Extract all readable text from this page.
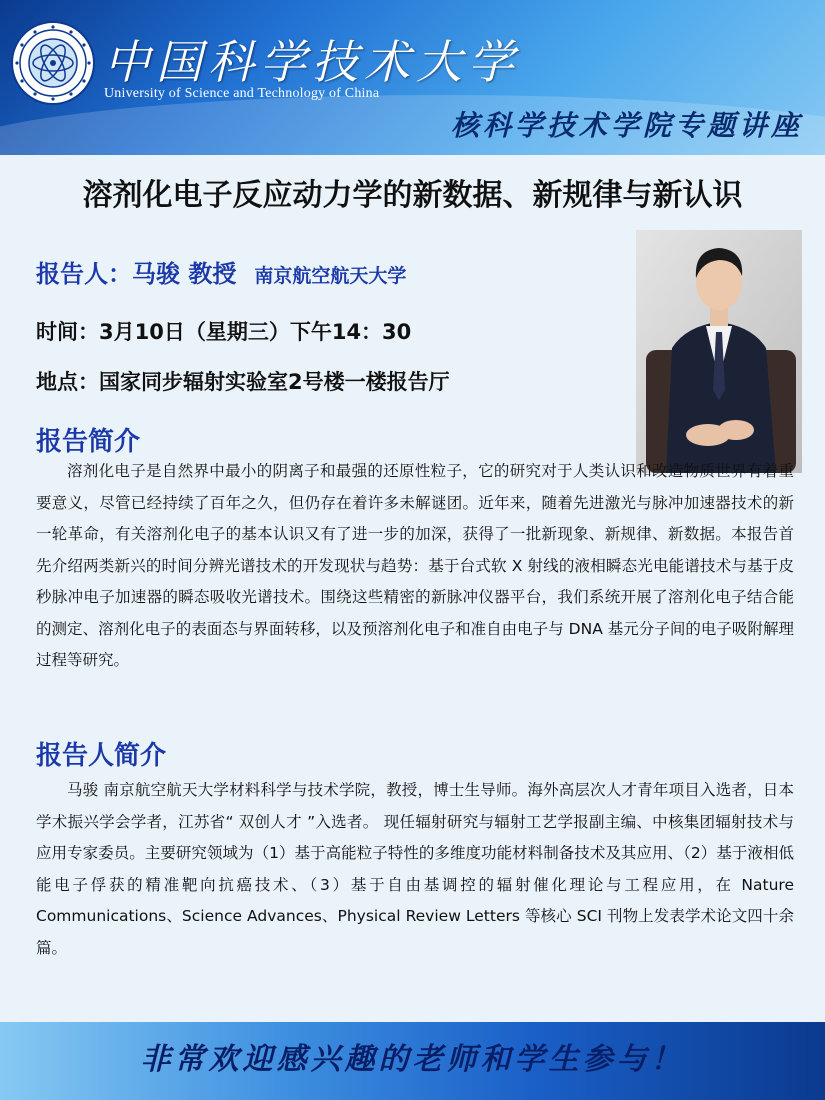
中国科学技术大学
University of Science and Technology of China
核科学技术学院专题讲座
溶剂化电子反应动力学的新数据、新规律与新认识
报告人：马骏 教授 南京航空航天大学
时间：3月10日（星期三）下午14：30
地点：国家同步辐射实验室2号楼一楼报告厅
报告简介

溶剂化电子是自然界中最小的阴离子和最强的还原性粒子，它的研究对于人类认识和改造物质世界有着重要意义，尽管已经持续了百年之久，但仍存在着许多未解谜团。近年来，随着先进激光与脉冲加速器技术的新一轮革命，有关溶剂化电子的基本认识又有了进一步的加深，获得了一批新现象、新规律、新数据。本报告首先介绍两类新兴的时间分辨光谱技术的开发现状与趋势：基于台式软 X 射线的液相瞬态光电能谱技术与基于皮秒脉冲电子加速器的瞬态吸收光谱技术。围绕这些精密的新脉冲仪器平台，我们系统开展了溶剂化电子结合能的测定、溶剂化电子的表面态与界面转移，以及预溶剂化电子和准自由电子与 DNA 基元分子间的电子吸附解理过程等研究。

报告人简介

马骏 南京航空航天大学材料科学与技术学院，教授，博士生导师。海外高层次人才青年项目入选者，日本学术振兴学会学者，江苏省“ 双创人才 ”入选者。 现任辐射研究与辐射工艺学报副主编、中核集团辐射技术与应用专家委员。主要研究领域为（1）基于高能粒子特性的多维度功能材料制备技术及其应用、（2）基于液相低能电子俘获的精准靶向抗癌技术、（3）基于自由基调控的辐射催化理论与工程应用，在 Nature Communications、Science Advances、Physical Review Letters 等核心 SCI 刊物上发表学术论文四十余篇。

非常欢迎感兴趣的老师和学生参与！
